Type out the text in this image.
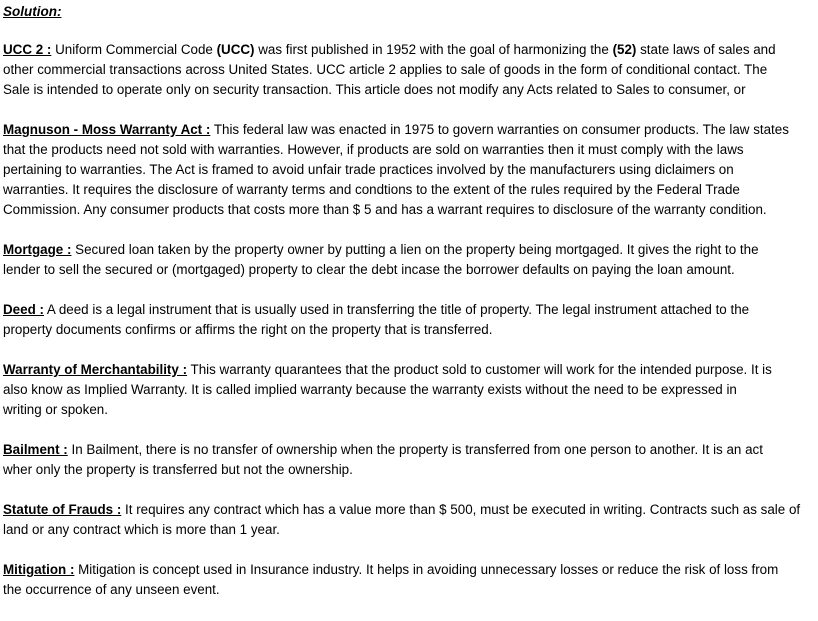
Solution:
UCC 2 : Uniform Commercial Code (UCC) was first published in 1952 with the goal of harmonizing the (52) state laws of sales and
other commercial transactions across United States. UCC article 2 applies to sale of goods in the form of conditional contact. The
Sale is intended to operate only on security transaction. This article does not modify any Acts related to Sales to consumer, or
Magnuson - Moss Warranty Act : This federal law was enacted in 1975 to govern warranties on consumer products. The law states
that the products need not sold with warranties. However, if products are sold on warranties then it must comply with the laws
pertaining to warranties. The Act is framed to avoid unfair trade practices involved by the manufacturers using diclaimers on
warranties. It requires the disclosure of warranty terms and condtions to the extent of the rules required by the Federal Trade
Commission. Any consumer products that costs more than $ 5 and has a warrant requires to disclosure of the warranty condition.
Mortgage : Secured loan taken by the property owner by putting a lien on the property being mortgaged. It gives the right to the
lender to sell the secured or (mortgaged) property to clear the debt incase the borrower defaults on paying the loan amount.
Deed : A deed is a legal instrument that is usually used in transferring the title of property. The legal instrument attached to the
property documents confirms or affirms the right on the property that is transferred.
Warranty of Merchantability : This warranty quarantees that the product sold to customer will work for the intended purpose. It is
also know as Implied Warranty. It is called implied warranty because the warranty exists without the need to be expressed in
writing or spoken.
Bailment : In Bailment, there is no transfer of ownership when the property is transferred from one person to another. It is an act
wher only the property is transferred but not the ownership.
Statute of Frauds : It requires any contract which has a value more than $ 500, must be executed in writing. Contracts such as sale of
land or any contract which is more than 1 year.
Mitigation : Mitigation is concept used in Insurance industry. It helps in avoiding unnecessary losses or reduce the risk of loss from
the occurrence of any unseen event.
